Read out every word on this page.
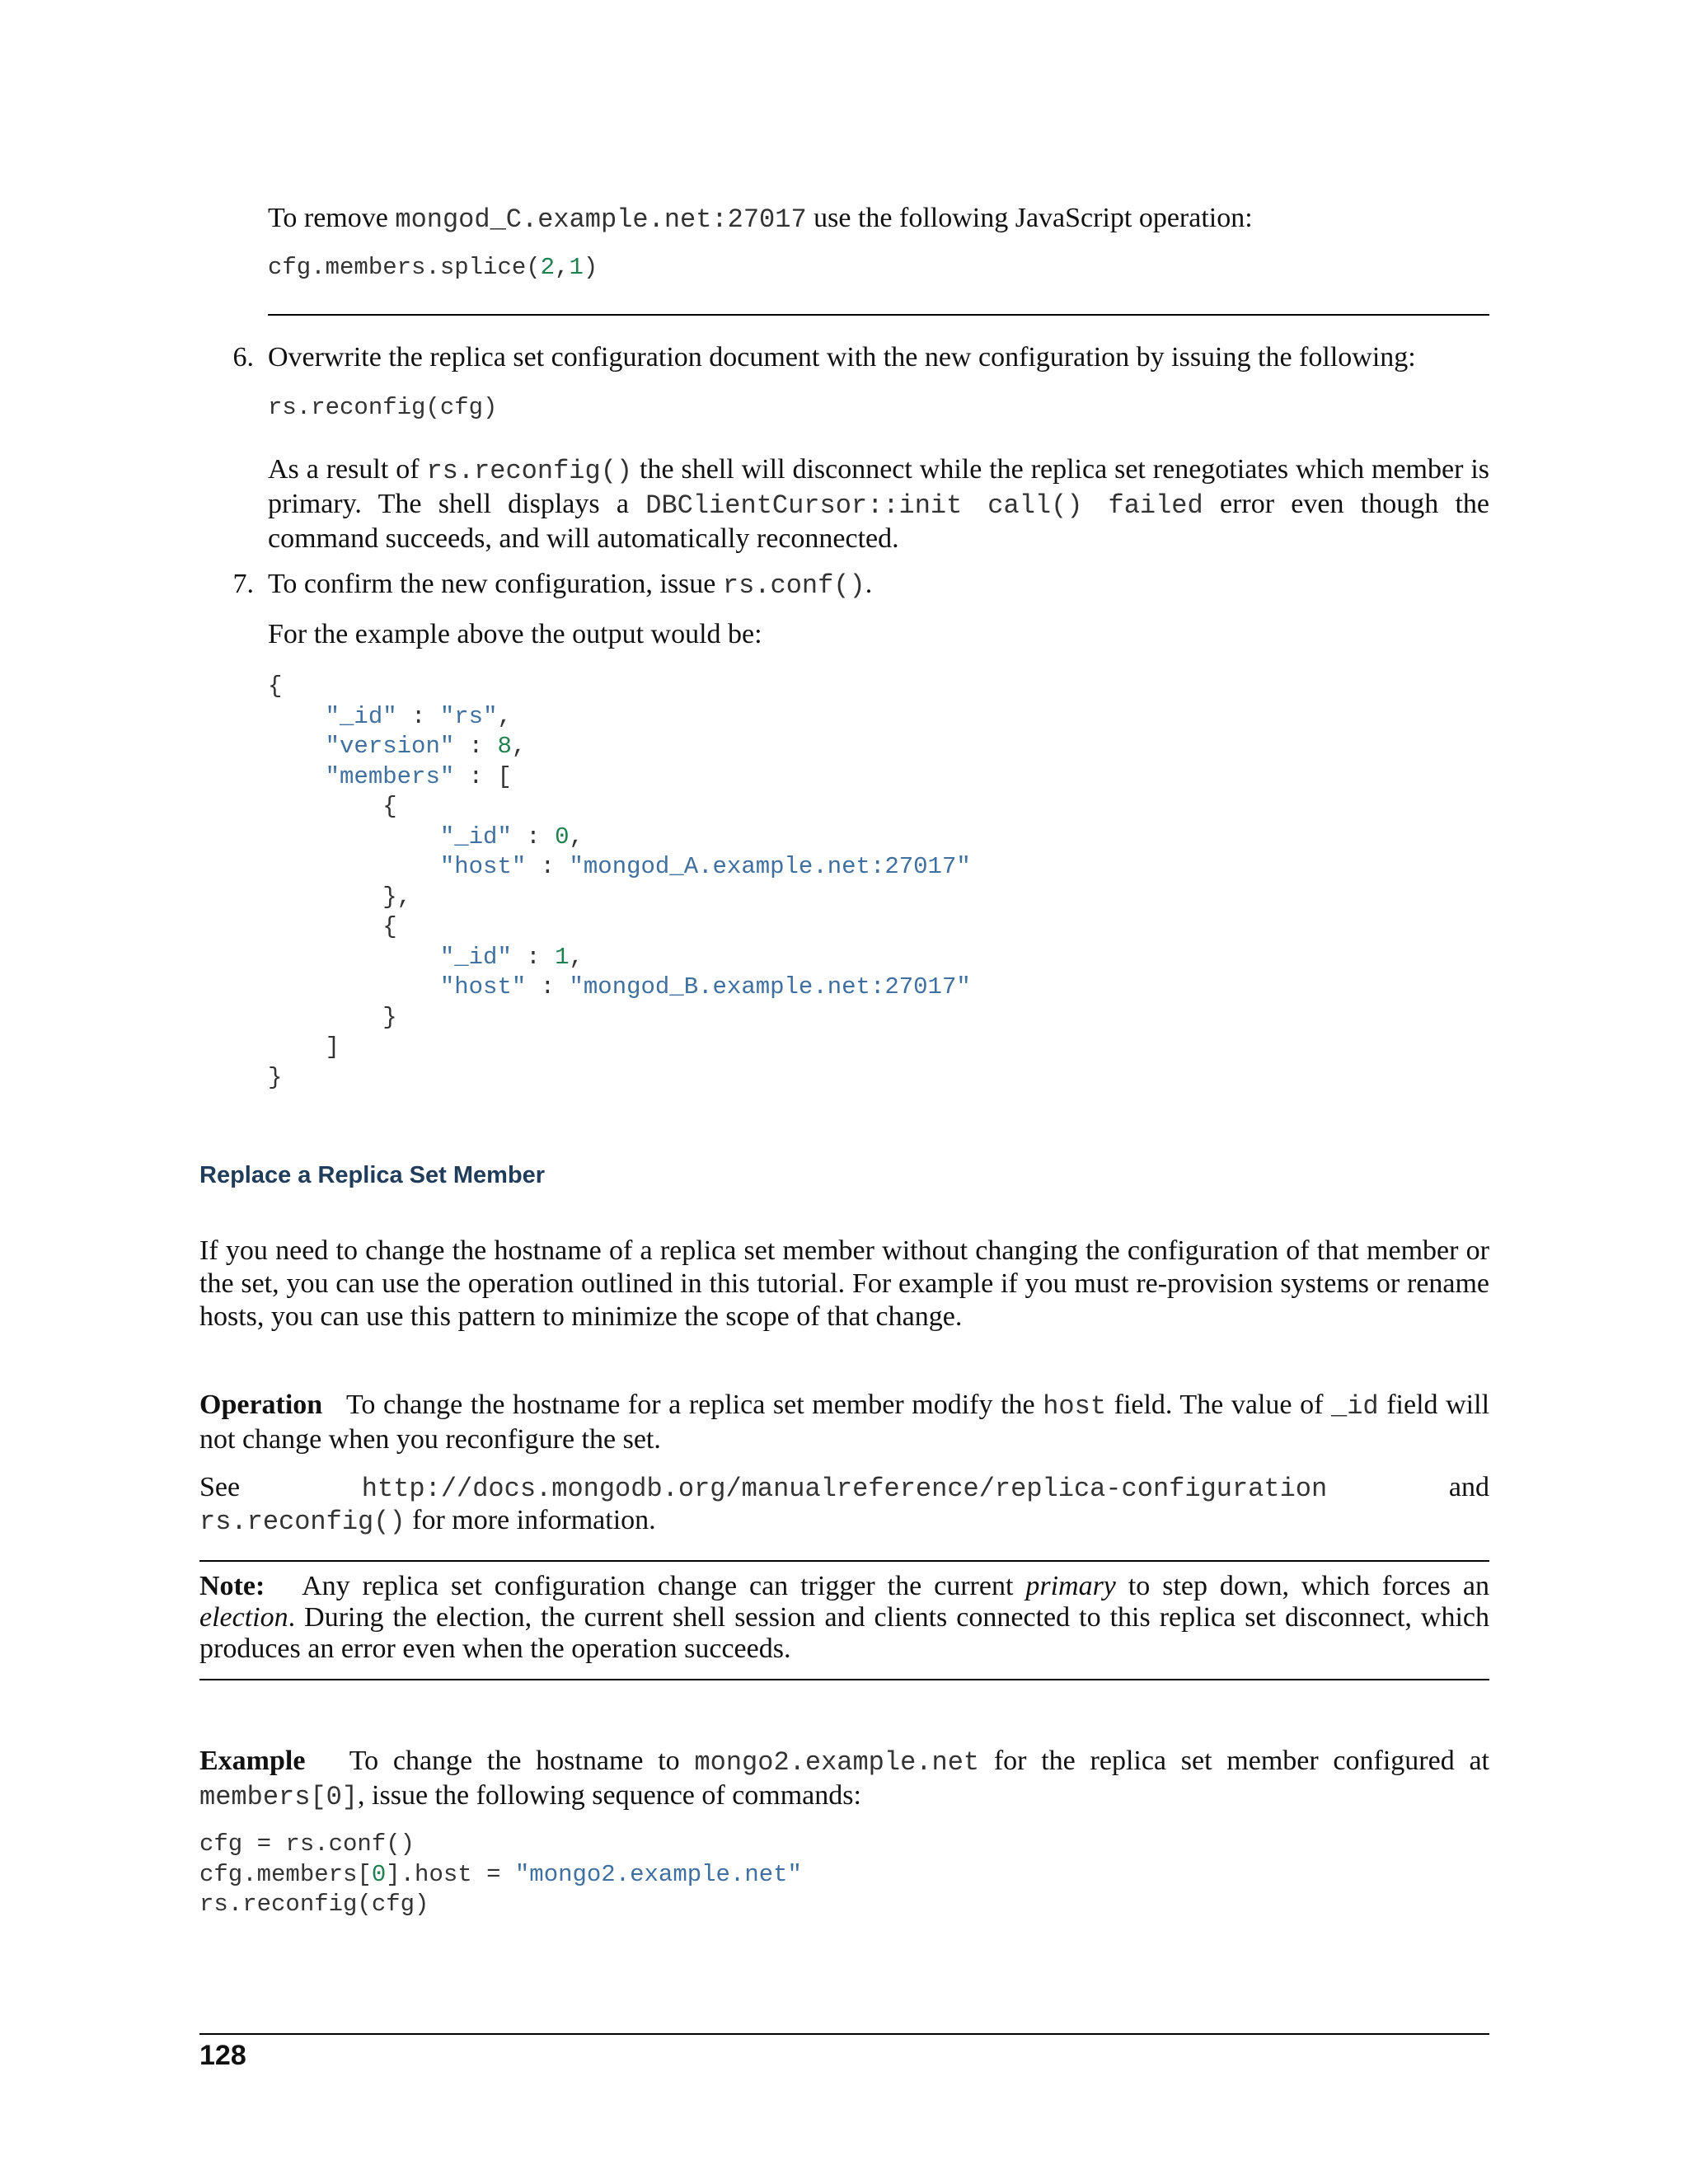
To remove mongod_C.example.net:27017 use the following JavaScript operation:
cfg.members.splice(2,1)
6. Overwrite the replica set configuration document with the new configuration by issuing the following:
rs.reconfig(cfg)
As a result of rs.reconfig() the shell will disconnect while the replica set renegotiates which member is primary. The shell displays a DBClientCursor::init call() failed error even though the command succeeds, and will automatically reconnected.
7. To confirm the new configuration, issue rs.conf().
For the example above the output would be:
{
"_id" : "rs",
"version" : 8,
"members" : [
{
"_id" : 0,
"host" : "mongod_A.example.net:27017"
},
{
"_id" : 1,
"host" : "mongod_B.example.net:27017"
}
]
}
Replace a Replica Set Member
If you need to change the hostname of a replica set member without changing the configuration of that member or the set, you can use the operation outlined in this tutorial. For example if you must re-provision systems or rename hosts, you can use this pattern to minimize the scope of that change.
Operation To change the hostname for a replica set member modify the host field. The value of _id field will not change when you reconfigure the set.
See	http://docs.mongodb.org/manualreference/replica-configuration	and
rs.reconfig() for more information.
Note: Any replica set configuration change can trigger the current primary to step down, which forces an election. During the election, the current shell session and clients connected to this replica set disconnect, which produces an error even when the operation succeeds.
Example To change the hostname to mongo2.example.net for the replica set member configured at members[0], issue the following sequence of commands:
cfg = rs.conf()
cfg.members[0].host = "mongo2.example.net"
rs.reconfig(cfg)
128
